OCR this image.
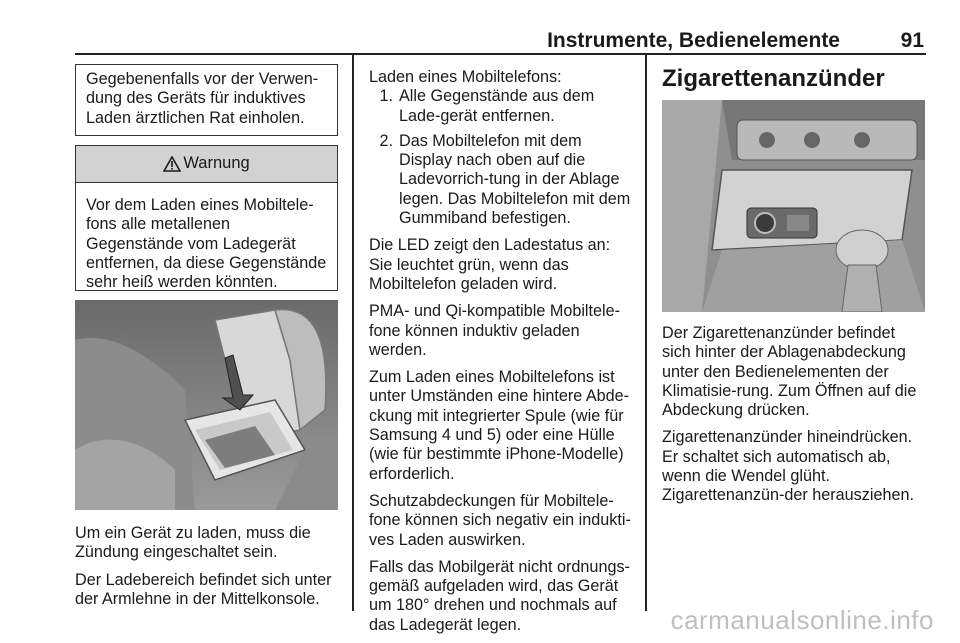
Instrumente, Bedienelemente	91
Gegebenenfalls vor der Verwen-dung des Geräts für induktives Laden ärztlichen Rat einholen.
Warnung
Vor dem Laden eines Mobiltele-fons alle metallenen Gegenstände vom Ladegerät entfernen, da diese Gegenstände sehr heiß werden könnten.

Um ein Gerät zu laden, muss die Zündung eingeschaltet sein.

Der Ladebereich befindet sich unter der Armlehne in der Mittelkonsole.

Laden eines Mobiltelefons:

1. Alle Gegenstände aus dem Lade-gerät entfernen.
2. Das Mobiltelefon mit dem Display nach oben auf die Ladevorrich-tung in der Ablage legen. Das Mobiltelefon mit dem Gummiband befestigen.

Die LED zeigt den Ladestatus an: Sie leuchtet grün, wenn das Mobiltelefon geladen wird.

PMA- und Qi-kompatible Mobiltele-fone können induktiv geladen werden.

Zum Laden eines Mobiltelefons ist unter Umständen eine hintere Abde-ckung mit integrierter Spule (wie für Samsung 4 und 5) oder eine Hülle (wie für bestimmte iPhone-Modelle) erforderlich.

Schutzabdeckungen für Mobiltele-fone können sich negativ ein indukti-ves Laden auswirken.

Falls das Mobilgerät nicht ordnungs-gemäß aufgeladen wird, das Gerät um 180° drehen und nochmals auf das Ladegerät legen.

Zigarettenanzünder

Der Zigarettenanzünder befindet sich hinter der Ablagenabdeckung unter den Bedienelementen der Klimatisie-rung. Zum Öffnen auf die Abdeckung drücken.

Zigarettenanzünder hineindrücken. Er schaltet sich automatisch ab, wenn die Wendel glüht. Zigarettenanzün-der herausziehen.

carmanualsonline.info
